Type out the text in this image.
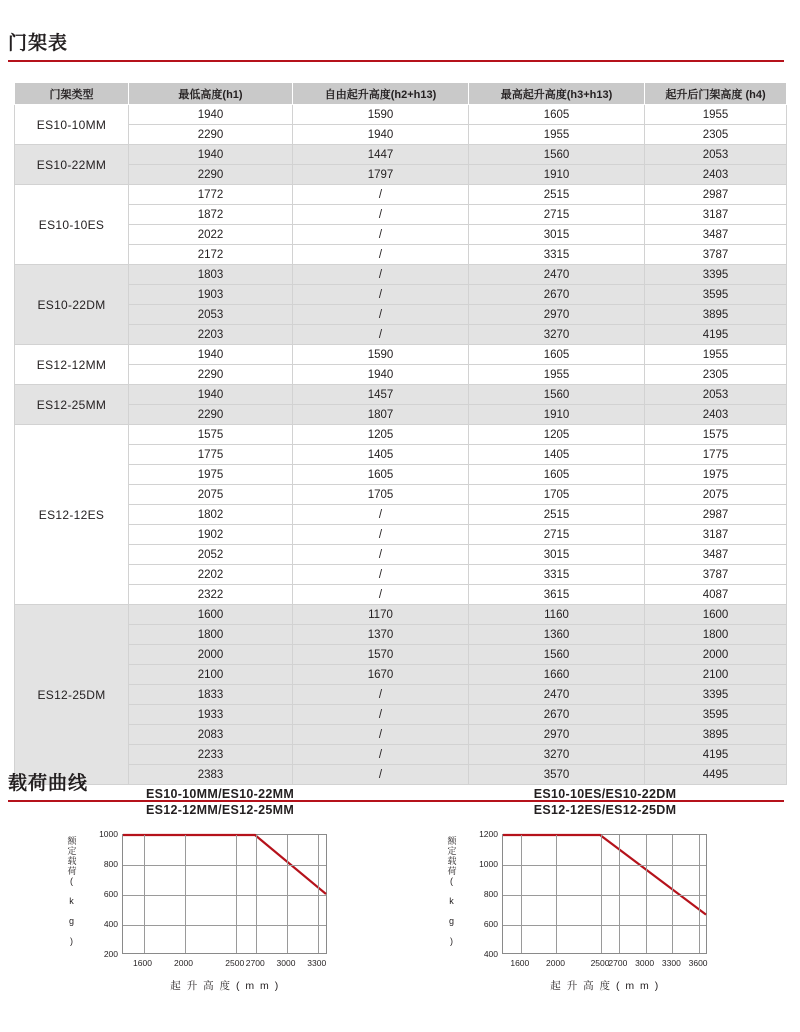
门架表
门架类型	最低高度(h1)	自由起升高度(h2+h13)	最高起升高度(h3+h13)	起升后门架高度 (h4)
ES10-10MM	1940	1590	1605	1955
	2290	1940	1955	2305
ES10-22MM	1940	1447	1560	2053
	2290	1797	1910	2403
ES10-10ES	1772	/	2515	2987
	1872	/	2715	3187
	2022	/	3015	3487
	2172	/	3315	3787
ES10-22DM	1803	/	2470	3395
	1903	/	2670	3595
	2053	/	2970	3895
	2203	/	3270	4195
ES12-12MM	1940	1590	1605	1955
	2290	1940	1955	2305
ES12-25MM	1940	1457	1560	2053
	2290	1807	1910	2403
ES12-12ES	1575	1205	1205	1575
	1775	1405	1405	1775
	1975	1605	1605	1975
	2075	1705	1705	2075
	1802	/	2515	2987
	1902	/	2715	3187
	2052	/	3015	3487
	2202	/	3315	3787
	2322	/	3615	4087
ES12-25DM	1600	1170	1160	1600
	1800	1370	1360	1800
	2000	1570	1560	2000
	2100	1670	1660	2100
	1833	/	2470	3395
	1933	/	2670	3595
	2083	/	2970	3895
	2233	/	3270	4195
	2383	/	3570	4495
载荷曲线	ES10-10MM/ES10-22MM
ES12-12MM/ES12-25MM
额定载荷
( k g )
200
400
600
800
1000
1600	2000	2500 2700 3000 3300
起 升 高 度 ( m m )
ES10-10ES/ES10-22DM
ES12-12ES/ES12-25DM
额定载荷
( k g )
400
600
800
1000
1200
1600 2000	2500
2700 3000 3300 3600
起 升 高 度 ( m m )
